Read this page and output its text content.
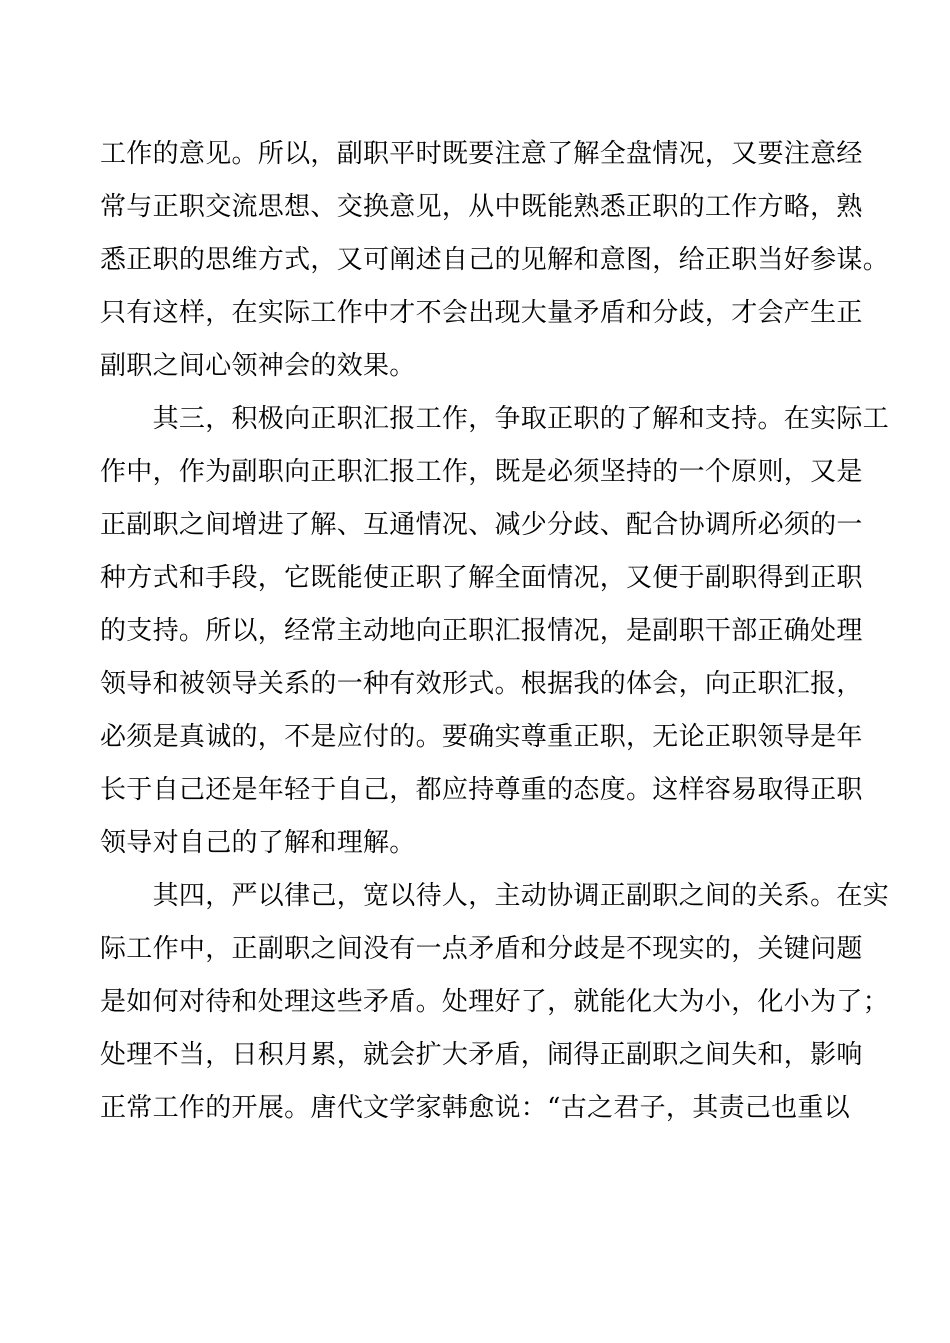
工作的意见。所以，副职平时既要注意了解全盘情况，又要注意经
常与正职交流思想、交换意见，从中既能熟悉正职的工作方略，熟
悉正职的思维方式，又可阐述自己的见解和意图，给正职当好参谋。
只有这样，在实际工作中才不会出现大量矛盾和分歧，才会产生正
副职之间心领神会的效果。
　　其三，积极向正职汇报工作，争取正职的了解和支持。在实际工
作中，作为副职向正职汇报工作，既是必须坚持的一个原则，又是
正副职之间增进了解、互通情况、减少分歧、配合协调所必须的一
种方式和手段，它既能使正职了解全面情况，又便于副职得到正职
的支持。所以，经常主动地向正职汇报情况，是副职干部正确处理
领导和被领导关系的一种有效形式。根据我的体会，向正职汇报，
必须是真诚的，不是应付的。要确实尊重正职，无论正职领导是年
长于自己还是年轻于自己，都应持尊重的态度。这样容易取得正职
领导对自己的了解和理解。
　　其四，严以律己，宽以待人，主动协调正副职之间的关系。在实
际工作中，正副职之间没有一点矛盾和分歧是不现实的，关键问题
是如何对待和处理这些矛盾。处理好了，就能化大为小，化小为了；
处理不当，日积月累，就会扩大矛盾，闹得正副职之间失和，影响
正常工作的开展。唐代文学家韩愈说：“古之君子，其责己也重以
